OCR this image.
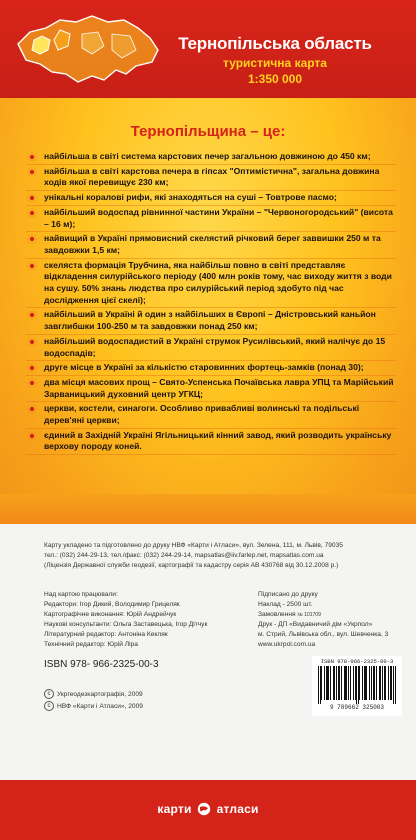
Тернопільська область
туристична карта
1:350 000
Тернопільщина – це:
найбільша в світі система карстових печер загальною довжиною до 450 км;
найбільша в світі карстова печера в гіпсах "Оптимістична", загальна довжина ходів якої перевищує 230 км;
унікальні коралові рифи, які знаходяться на суші – Товтрове пасмо;
найбільший водоспад рівнинної частини України – "Червоногородський" (висота – 16 м);
найвищий в Україні прямовисний скелястий річковий берег заввишки 250 м та завдовжки 1,5 км;
скелястa формація Трубчина, яка найбільш повно в світі представляє відкладення силурійського періоду (400 млн років тому, час виходу життя з води на сушу. 50% знань людства про силурійський період здобуто під час дослідження цієї скелі);
найбільший в Україні й один з найбільших в Європі – Дністровський каньйон завглибшки 100-250 м та завдовжки понад 250 км;
найбільший водоспадистий в Україні струмок Русилівський, який налічує до 15 водоспадів;
друге місце в Україні за кількістю старовинних фортець-замків (понад 30);
два місця масових прощ – Свято-Успенська Почаївська лавра УПЦ та Марійський Зарваницький духовний центр УГКЦ;
церкви, костели, синагоги. Особливо привабливі волинські та подільські дерев'яні церкви;
єдиний в Західній Україні Ягільницький кінний завод, який розводить українську верхову породу коней.
Карту укладено та підготовлено до друку НВФ «Карти і Атласи», вул. Зелена, 111, м. Львів, 79035
тел.: (032) 244-29-13, тел./факс: (032) 244-29-14, mapsatlas@iiv.farlep.net, mapsatlas.com.ua
(Ліцензія Державної служби геодезії, картографії та кадастру серія АВ 430768 від 30.12.2008 р.)
Над картою працювали:
Редактори: Ігор Дикий, Володимир Грицеляк
Картографічне виконання: Юрій Андрейчук
Наукові консультанти: Ольга Заставецька, Ігор Дітчук
Літературний редактор: Антоніна Кекляк
Технічний редактор: Юрій Ліра
Підписано до друку
Наклад - 2500 шт.
Замовлення № 101709
Друк - ДП «Видавничий дім «Укрпол»
м. Стрий, Львівська обл., вул. Шевченка, 3
www.ukrpol.com.ua
ISBN 978- 966-2325-00-3
c Укргеодезкартографія, 2009
c НВФ «Карти і Атласи», 2009
ISBN 978-966-2325-00-3
9 789662 325003
карти атласи
